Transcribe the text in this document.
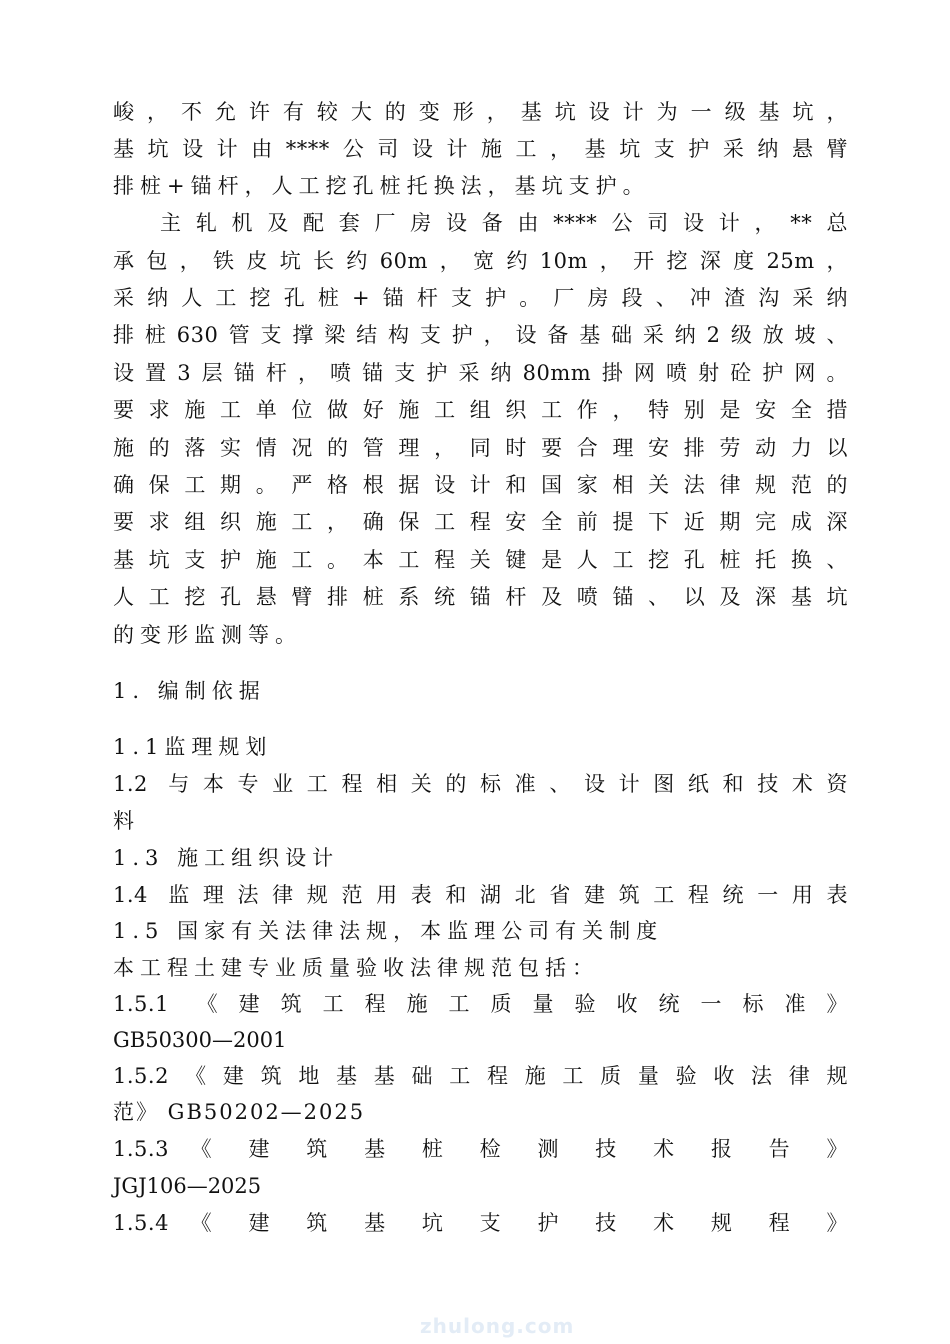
峻，不允许有较大的变形，基坑设计为一级基坑，
基坑设计由****公司设计施工，基坑支护采纳悬臂
排桩+锚杆，人工挖孔桩托换法，基坑支护。
主轧机及配套厂房设备由****公司设计，**总
承包，铁皮坑长约60m，宽约10m，开挖深度25m，
采纳人工挖孔桩+锚杆支护。厂房段、冲渣沟采纳
排桩630管支撑梁结构支护，设备基础采纳2级放坡、
设置3层锚杆，喷锚支护采纳80mm掛网喷射砼护网。
要求施工单位做好施工组织工作，特别是安全措
施的落实情况的管理，同时要合理安排劳动力以
确保工期。严格根据设计和国家相关法律规范的
要求组织施工，确保工程安全前提下近期完成深
基坑支护施工。本工程关键是人工挖孔桩托换、
人工挖孔悬臂排桩系统锚杆及喷锚、以及深基坑
的变形监测等。
1. 编制依据
1.1监理规划
1.2 与本专业工程相关的标准、设计图纸和技术资
料
1.3 施工组织设计
1.4 监理法律规范用表和湖北省建筑工程统一用表
1.5 国家有关法律法规，本监理公司有关制度
本工程土建专业质量验收法律规范包括：
1.5.1 《建筑工程施工质量验收统一标准》
GB50300—2001
1.5.2《建筑地基基础工程施工质量验收法律规
范》 GB50202—2025
1.5.3 《 建 筑 基 桩 检 测 技 术 报 告 》
JGJ106—2025
1.5.4 《 建 筑 基 坑 支 护 技 术 规 程 》
zhulong.com
